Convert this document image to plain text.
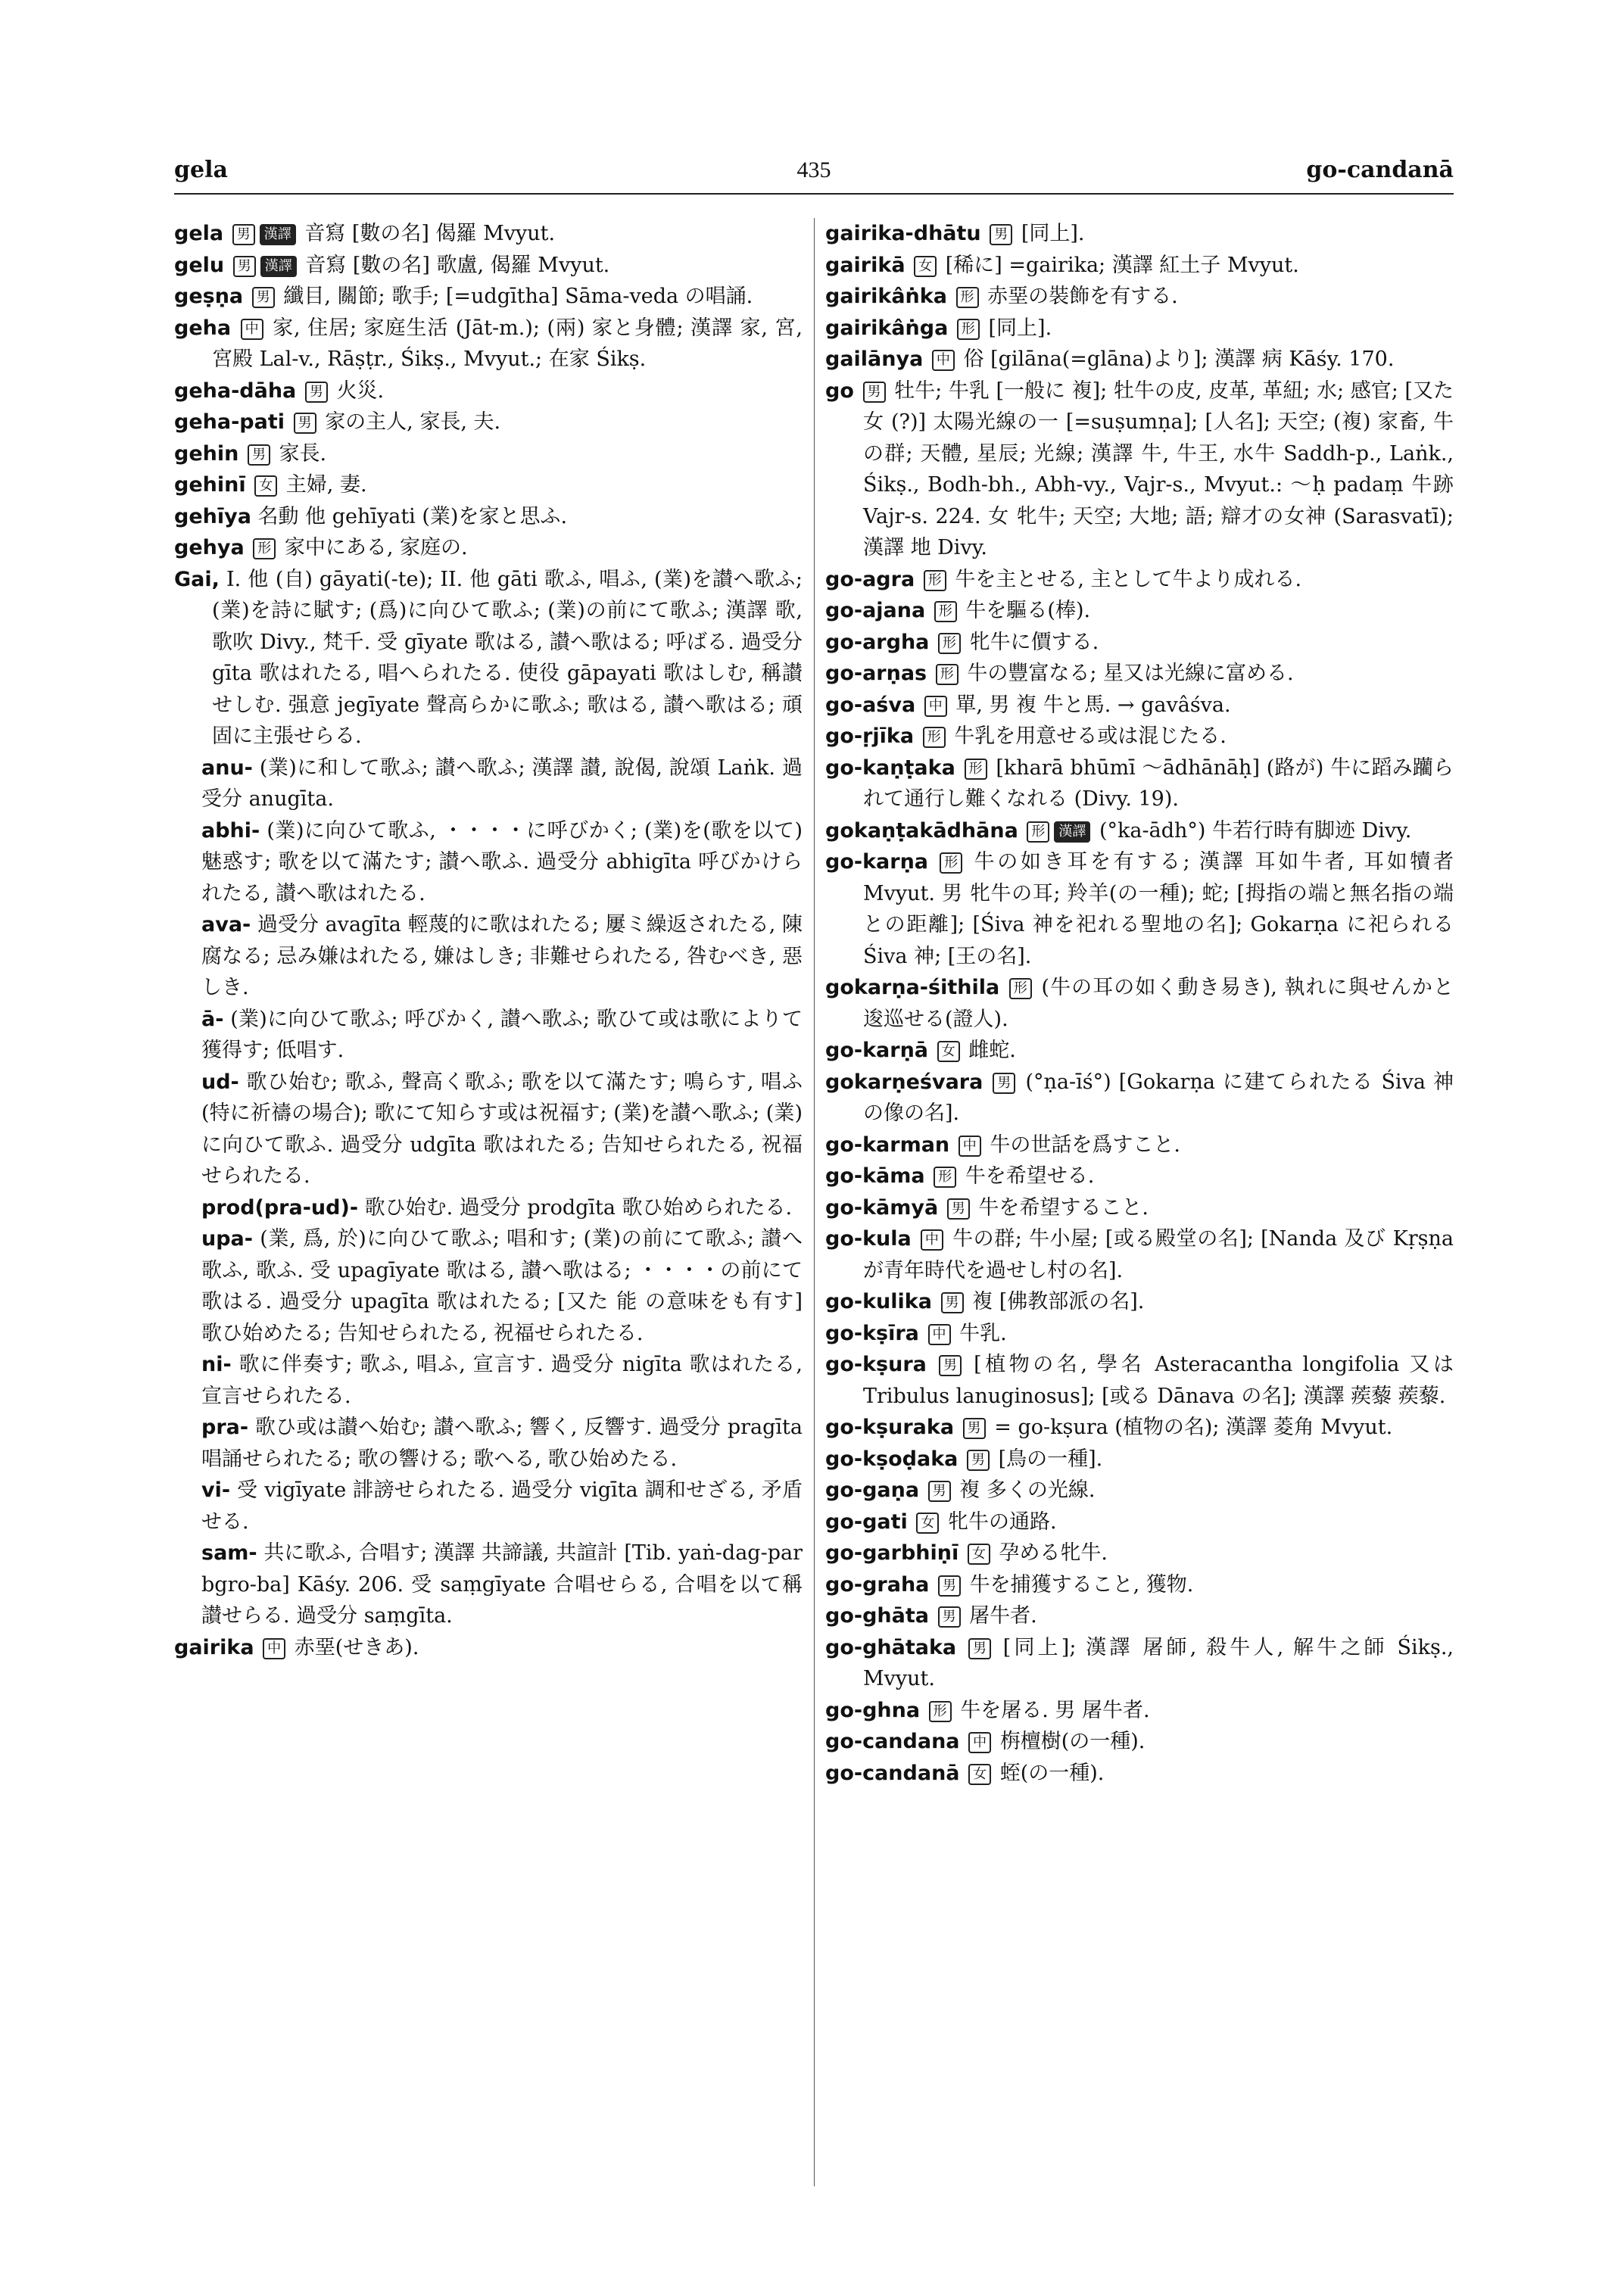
gela	435	go-candanā

gela 男 漢譯 音寫 [數の名] 偈羅 Mvyut.

gelu 男 漢譯 音寫 [數の名] 歌盧, 偈羅 Mvyut.

geṣṇa 男 纖目, 關節; 歌手; [=udgītha] Sāma-veda の唱誦.

geha 中 家, 住居; 家庭生活 (Jāt-m.); (兩) 家と身體; 漢譯 家, 宮, 宮殿 Lal-v., Rāṣṭr., Śikṣ., Mvyut.; 在家 Śikṣ.

geha-dāha 男 火災.

geha-pati 男 家の主人, 家長, 夫.

gehin 男 家長.

gehinī 女 主婦, 妻.

gehīya 名動 他 gehīyati (業)を家と思ふ.

gehya 形 家中にある, 家庭の.

Gai, I. 他 (自) gāyati(-te); II. 他 gāti 歌ふ, 唱ふ, (業)を讃へ歌ふ; (業)を詩に賦す; (爲)に向ひて歌ふ; (業)の前にて歌ふ; 漢譯 歌, 歌吹 Divy., 梵千. 受 gīyate 歌はる, 讃へ歌はる; 呼ばる. 過受分 gīta 歌はれたる, 唱へられたる. 使役 gāpayati 歌はしむ, 稱讃せしむ. 强意 jegīyate 聲高らかに歌ふ; 歌はる, 讃へ歌はる; 頑固に主張せらる.

anu- (業)に和して歌ふ; 讃へ歌ふ; 漢譯 讃, 說偈, 說頌 Laṅk. 過受分 anugīta.

abhi- (業)に向ひて歌ふ, ・・・・に呼びかく; (業)を(歌を以て)魅惑す; 歌を以て滿たす; 讃へ歌ふ. 過受分 abhigīta 呼びかけられたる, 讃へ歌はれたる.

ava- 過受分 avagīta 輕蔑的に歌はれたる; 屢ミ繰返されたる, 陳腐なる; 忌み嫌はれたる, 嫌はしき; 非難せられたる, 咎むべき, 惡しき.

ā- (業)に向ひて歌ふ; 呼びかく, 讃へ歌ふ; 歌ひて或は歌によりて獲得す; 低唱す.

ud- 歌ひ始む; 歌ふ, 聲高く歌ふ; 歌を以て滿たす; 鳴らす, 唱ふ(特に祈禱の場合); 歌にて知らす或は祝福す; (業)を讃へ歌ふ; (業)に向ひて歌ふ. 過受分 udgīta 歌はれたる; 告知せられたる, 祝福せられたる.

prod(pra-ud)- 歌ひ始む. 過受分 prodgīta 歌ひ始められたる.

upa- (業, 爲, 於)に向ひて歌ふ; 唱和す; (業)の前にて歌ふ; 讃へ歌ふ, 歌ふ. 受 upagīyate 歌はる, 讃へ歌はる; ・・・・の前にて歌はる. 過受分 upagīta 歌はれたる; [又た 能 の意味をも有す] 歌ひ始めたる; 告知せられたる, 祝福せられたる.

ni- 歌に伴奏す; 歌ふ, 唱ふ, 宣言す. 過受分 nigīta 歌はれたる, 宣言せられたる.

pra- 歌ひ或は讃へ始む; 讃へ歌ふ; 響く, 反響す. 過受分 pragīta 唱誦せられたる; 歌の響ける; 歌へる, 歌ひ始めたる.

vi- 受 vigīyate 誹謗せられたる. 過受分 vigīta 調和せざる, 矛盾せる.

sam- 共に歌ふ, 合唱す; 漢譯 共諦議, 共諠計 [Tib. yaṅ-dag-par bgro-ba] Kāśy. 206. 受 saṃgīyate 合唱せらる, 合唱を以て稱讃せらる. 過受分 saṃgīta.

gairika 中 赤堊(せきあ).

gairika-dhātu 男 [同上].

gairikā 女 [稀に] =gairika; 漢譯 紅土子 Mvyut.

gairikâṅka 形 赤堊の裝飾を有する.

gairikâṅga 形 [同上].

gailānya 中 俗 [gilāna(=glāna)より]; 漢譯 病 Kāśy. 170.

go 男 牡牛; 牛乳 [一般に 複]; 牡牛の皮, 皮革, 革紐; 水; 感官; [又た 女 (?)] 太陽光線の一 [=suṣumṇa]; [人名]; 天空; (複) 家畜, 牛の群; 天體, 星辰; 光線; 漢譯 牛, 牛王, 水牛 Saddh-p., Laṅk., Śikṣ., Bodh-bh., Abh-vy., Vajr-s., Mvyut.: 〜ḥ padaṃ 牛跡 Vajr-s. 224. 女 牝牛; 天空; 大地; 語; 辯才の女神 (Sarasvatī); 漢譯 地 Divy.

go-agra 形 牛を主とせる, 主として牛より成れる.

go-ajana 形 牛を驅る(棒).

go-argha 形 牝牛に價する.

go-arṇas 形 牛の豐富なる; 星又は光線に富める.

go-aśva 中 單, 男 複 牛と馬. → gavâśva.

go-ṛjīka 形 牛乳を用意せる或は混じたる.

go-kaṇṭaka 形 [kharā bhūmī 〜ādhānāḥ] (路が) 牛に蹈み躪られて通行し難くなれる (Divy. 19).

gokaṇṭakādhāna 形 漢譯 (°ka-ādh°) 牛若行時有脚迹 Divy.

go-karṇa 形 牛の如き耳を有する; 漢譯 耳如牛者, 耳如犢者 Mvyut. 男 牝牛の耳; 羚羊(の一種); 蛇; [拇指の端と無名指の端との距離]; [Śiva 神を祀れる聖地の名]; Gokarṇa に祀られる Śiva 神; [王の名].

gokarṇa-śithila 形 (牛の耳の如く動き易き), 執れに與せんかと逡巡せる(證人).

go-karṇā 女 雌蛇.

gokarṇeśvara 男 (°ṇa-īś°) [Gokarṇa に建てられたる Śiva 神の像の名].

go-karman 中 牛の世話を爲すこと.

go-kāma 形 牛を希望せる.

go-kāmyā 男 牛を希望すること.

go-kula 中 牛の群; 牛小屋; [或る殿堂の名]; [Nanda 及び Kṛṣṇa が青年時代を過せし村の名].

go-kulika 男 複 [佛教部派の名].

go-kṣīra 中 牛乳.

go-kṣura 男 [植物の名, 學名 Asteracantha longifolia 又は Tribulus lanuginosus]; [或る Dānava の名]; 漢譯 蒺藜 蒺藜.

go-kṣuraka 男 = go-kṣura (植物の名); 漢譯 菱角 Mvyut.

go-kṣoḍaka 男 [鳥の一種].

go-gaṇa 男 複 多くの光線.

go-gati 女 牝牛の通路.

go-garbhiṇī 女 孕める牝牛.

go-graha 男 牛を捕獲すること, 獲物.

go-ghāta 男 屠牛者.

go-ghātaka 男 [同上]; 漢譯 屠師, 殺牛人, 解牛之師 Śikṣ., Mvyut.

go-ghna 形 牛を屠る. 男 屠牛者.

go-candana 中 栴檀樹(の一種).

go-candanā 女 蛭(の一種).
